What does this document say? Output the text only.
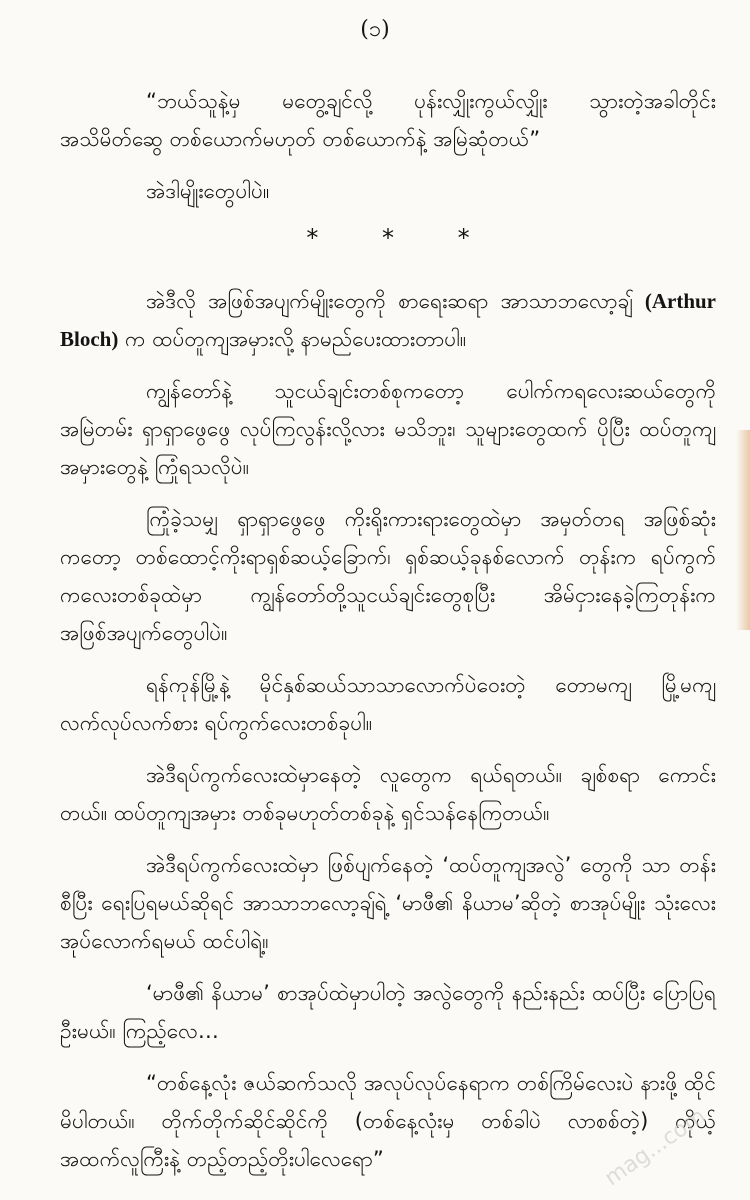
(၁)

“ဘယ်သူနဲ့မှ မတွေ့ချင်လို့ ပုန်းလျှိုးကွယ်လျှိုး သွားတဲ့အခါတိုင်း အသိမိတ်ဆွေ တစ်ယောက်မဟုတ် တစ်ယောက်နဲ့ အမြဲဆုံတယ်”

အဲဒါမျိုးတွေပါပဲ။

* * *

အဲဒီလို အဖြစ်အပျက်မျိုးတွေကို စာရေးဆရာ အာသာဘလော့ချ် (Arthur Bloch) က ထပ်တူကျအမှားလို့ နာမည်ပေးထားတာပါ။

ကျွန်တော်နဲ့ သူငယ်ချင်းတစ်စုကတော့ ပေါက်ကရလေးဆယ်တွေကို အမြဲတမ်း ရှာရှာဖွေဖွေ လုပ်ကြလွန်းလို့လား မသိဘူး၊ သူများတွေထက် ပိုပြီး ထပ်တူကျအမှားတွေနဲ့ ကြုံရသလိုပဲ။

ကြုံခဲ့သမျှ ရှာရှာဖွေဖွေ ကိုးရိုးကားရားတွေထဲမှာ အမှတ်တရ အဖြစ်ဆုံးကတော့ တစ်ထောင့်ကိုးရာရှစ်ဆယ့်ခြောက်၊ ရှစ်ဆယ့်ခုနစ်လောက် တုန်းက ရပ်ကွက်ကလေးတစ်ခုထဲမှာ ကျွန်တော်တို့သူငယ်ချင်းတွေစုပြီး အိမ်ငှားနေခဲ့ကြတုန်းက အဖြစ်အပျက်တွေပါပဲ။

ရန်ကုန်မြို့နဲ့ မိုင်နှစ်ဆယ်သာသာလောက်ပဲဝေးတဲ့ တောမကျ မြို့မကျ လက်လုပ်လက်စား ရပ်ကွက်လေးတစ်ခုပါ။

အဲဒီရပ်ကွက်လေးထဲမှာနေတဲ့ လူတွေက ရယ်ရတယ်။ ချစ်စရာ ကောင်းတယ်။ ထပ်တူကျအမှား တစ်ခုမဟုတ်တစ်ခုနဲ့ ရှင်သန်နေကြတယ်။

အဲဒီရပ်ကွက်လေးထဲမှာ ဖြစ်ပျက်နေတဲ့ ‘ထပ်တူကျအလွဲ’ တွေကို သာ တန်းစီပြီး ရေးပြရမယ်ဆိုရင် အာသာဘလော့ချ်ရဲ့ ‘မာဖီ၏ နိယာမ’ဆိုတဲ့ စာအုပ်မျိုး သုံးလေးအုပ်လောက်ရမယ် ထင်ပါရဲ့။

‘မာဖီ၏ နိယာမ’ စာအုပ်ထဲမှာပါတဲ့ အလွဲတွေကို နည်းနည်း ထပ်ပြီး ပြောပြရဦးမယ်။ ကြည့်လေ…

“တစ်နေ့လုံး ဇယ်ဆက်သလို အလုပ်လုပ်နေရာက တစ်ကြိမ်လေးပဲ နားဖို့ ထိုင်မိပါတယ်။ တိုက်တိုက်ဆိုင်ဆိုင်ကို (တစ်နေ့လုံးမှ တစ်ခါပဲ လာစစ်တဲ့) ကိုယ့်အထက်လူကြီးနဲ့ တည့်တည့်တိုးပါလေရော”	mag...com
